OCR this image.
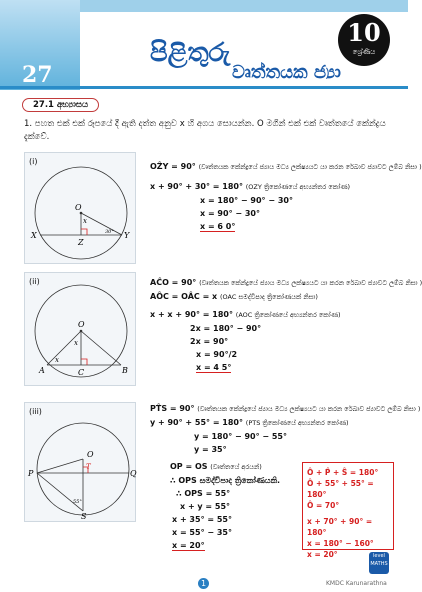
27
පිළිතුරු
වෘත්තයක ජ්‍යා
10
ශ්‍රේණිය
27.1 අභ්‍යාසය
1. පහත එක් එක් රූපයේ දී ඇති දත්ත අනුව x හි අගය සොයන්න. O මගින් එක් එක් වෘත්තයේ කේන්ද්‍රය දැක්වේ.
(i)
O
X	Y
Z
x
30°
OẐY = 90° (වෘත්තයක කේන්ද්‍රයේ ජ්‍යාය මධ්‍ය ලක්ෂ්‍යයට යා කරන රේඛාව ජ්‍යාවට ලම්බ නිසා )
x + 90° + 30° = 180° (OZY ත්‍රිකෝණයේ අභ්‍යන්තර කෝණ)
x = 180° − 90° − 30°
x = 90° − 30°
x = 6 0°
(ii)
O
A	B
C
x
x
AĈO = 90° (වෘත්තයක කේන්ද්‍රයේ ජ්‍යාය මධ්‍ය ලක්ෂ්‍යයට යා කරන රේඛාව ජ්‍යාවට ලම්බ නිසා )
AÔC = OÂC = x (OAC සමද්විපාද ත්‍රිකෝණයක් නිසා)
x + x + 90° = 180° (AOC ත්‍රිකෝණයේ අභ්‍යන්තර කෝණ)
2x = 180° − 90°
2x = 90°
x = 90°/2
x = 4 5°
(iii)
O
P	Q
S
T
55°
PT̂S = 90° (වෘත්තයක කේන්ද්‍රයේ ජ්‍යාය මධ්‍ය ලක්ෂ්‍යයට යා කරන රේඛාව ජ්‍යාවට ලම්බ නිසා )
y + 90° + 55° = 180° (PTS ත්‍රිකෝණයේ අභ්‍යන්තර කෝණ)
y = 180° − 90° − 55°
y = 35°
OP = OS (වෘත්තයේ අරයන්)
∴ OPS සමද්විපාද ත්‍රිකෝණයකි.
∴ OPS = 55°
x + y = 55°
x + 35° = 55°
x = 55° − 35°
x = 20°
Ô + P̂ + Ŝ = 180°
Ô + 55° + 55° = 180°
Ô = 70°
x + 70° + 90° = 180°
x = 180° − 160°
x = 20°	level MATHS
1	KMDC Karunarathna
